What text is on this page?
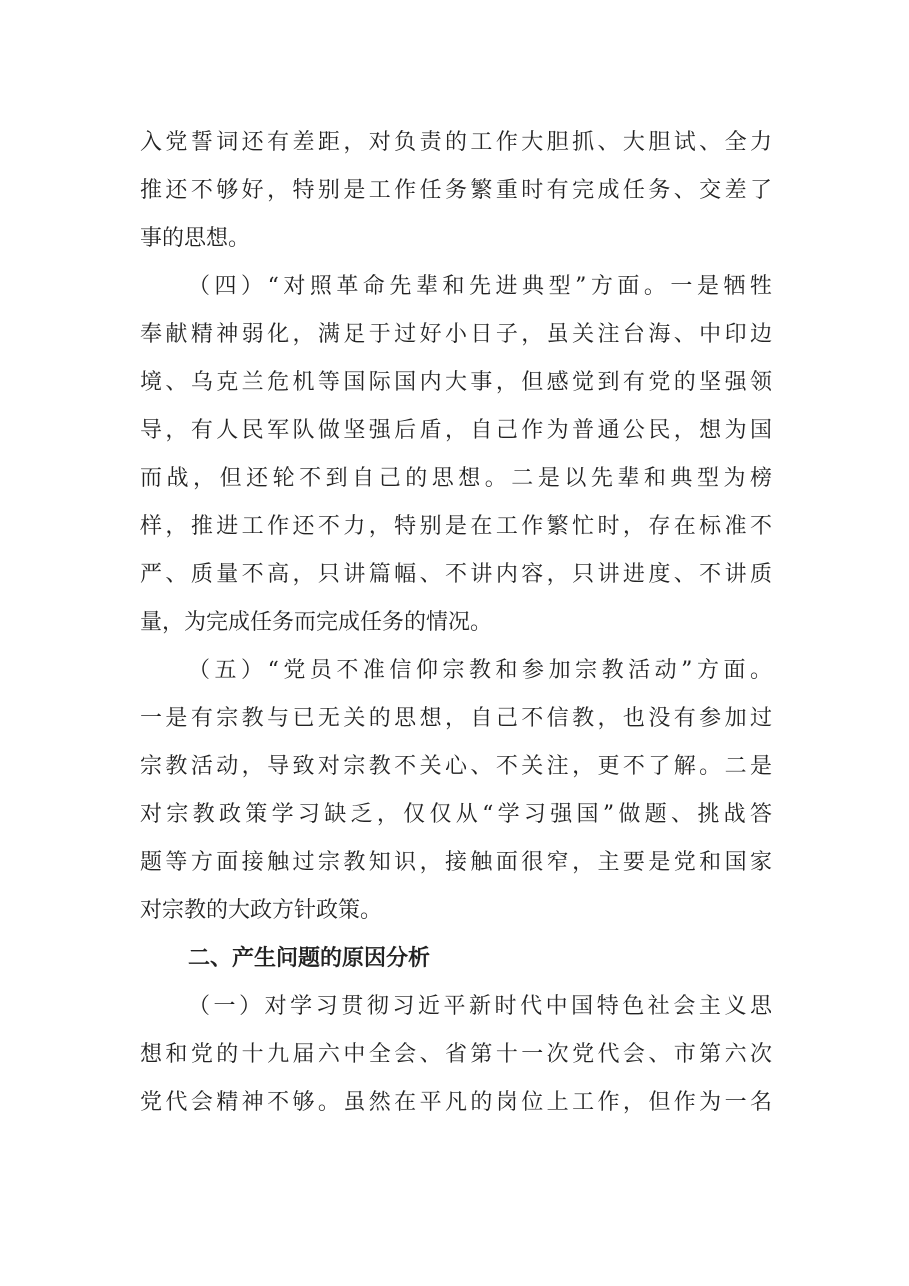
入党誓词还有差距，对负责的工作大胆抓、大胆试、全力
推还不够好，特别是工作任务繁重时有完成任务、交差了
事的思想。
（四）“对照革命先辈和先进典型”方面。一是牺牲
奉献精神弱化，满足于过好小日子，虽关注台海、中印边
境、乌克兰危机等国际国内大事，但感觉到有党的坚强领
导，有人民军队做坚强后盾，自己作为普通公民，想为国
而战，但还轮不到自己的思想。二是以先辈和典型为榜
样，推进工作还不力，特别是在工作繁忙时，存在标准不
严、质量不高，只讲篇幅、不讲内容，只讲进度、不讲质
量，为完成任务而完成任务的情况。
（五）“党员不准信仰宗教和参加宗教活动”方面。
一是有宗教与已无关的思想，自己不信教，也没有参加过
宗教活动，导致对宗教不关心、不关注，更不了解。二是
对宗教政策学习缺乏，仅仅从“学习强国”做题、挑战答
题等方面接触过宗教知识，接触面很窄，主要是党和国家
对宗教的大政方针政策。
二、产生问题的原因分析
（一）对学习贯彻习近平新时代中国特色社会主义思
想和党的十九届六中全会、省第十一次党代会、市第六次
党代会精神不够。虽然在平凡的岗位上工作，但作为一名
